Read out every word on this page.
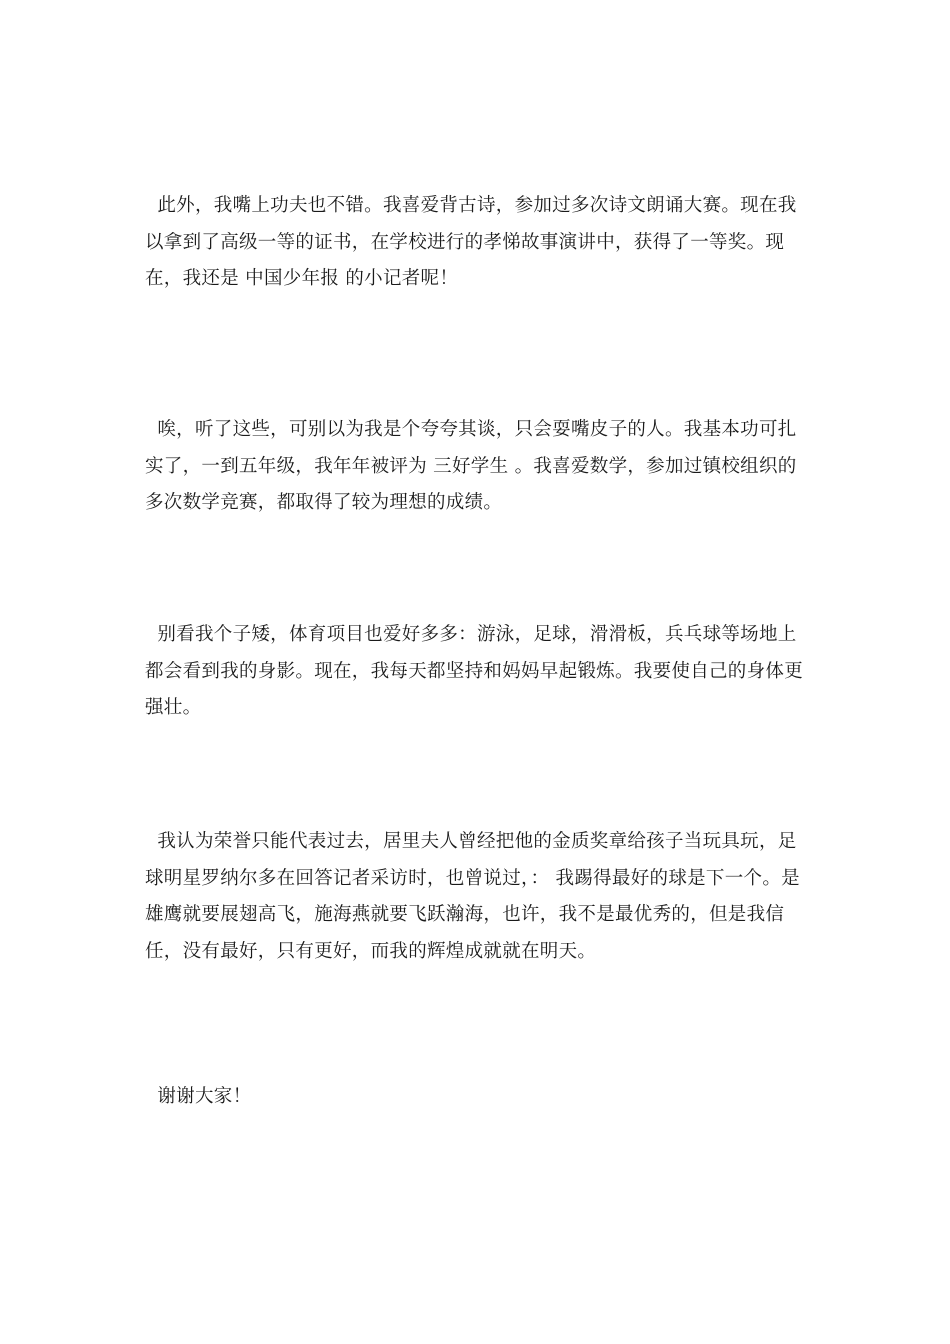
此外，我嘴上功夫也不错。我喜爱背古诗，参加过多次诗文朗诵大赛。现在我以拿到了高级一等的证书，在学校进行的孝悌故事演讲中，获得了一等奖。现在，我还是 中国少年报 的小记者呢！

唉，听了这些，可别以为我是个夸夸其谈，只会耍嘴皮子的人。我基本功可扎实了，一到五年级，我年年被评为 三好学生 。我喜爱数学，参加过镇校组织的多次数学竞赛，都取得了较为理想的成绩。

别看我个子矮，体育项目也爱好多多：游泳，足球，滑滑板，兵乓球等场地上都会看到我的身影。现在，我每天都坚持和妈妈早起锻炼。我要使自己的身体更强壮。

我认为荣誉只能代表过去，居里夫人曾经把他的金质奖章给孩子当玩具玩，足球明星罗纳尔多在回答记者采访时，也曾说过，： 我踢得最好的球是下一个。是雄鹰就要展翅高飞，施海燕就要飞跃瀚海，也许，我不是最优秀的，但是我信任，没有最好，只有更好，而我的辉煌成就就在明天。

谢谢大家！
